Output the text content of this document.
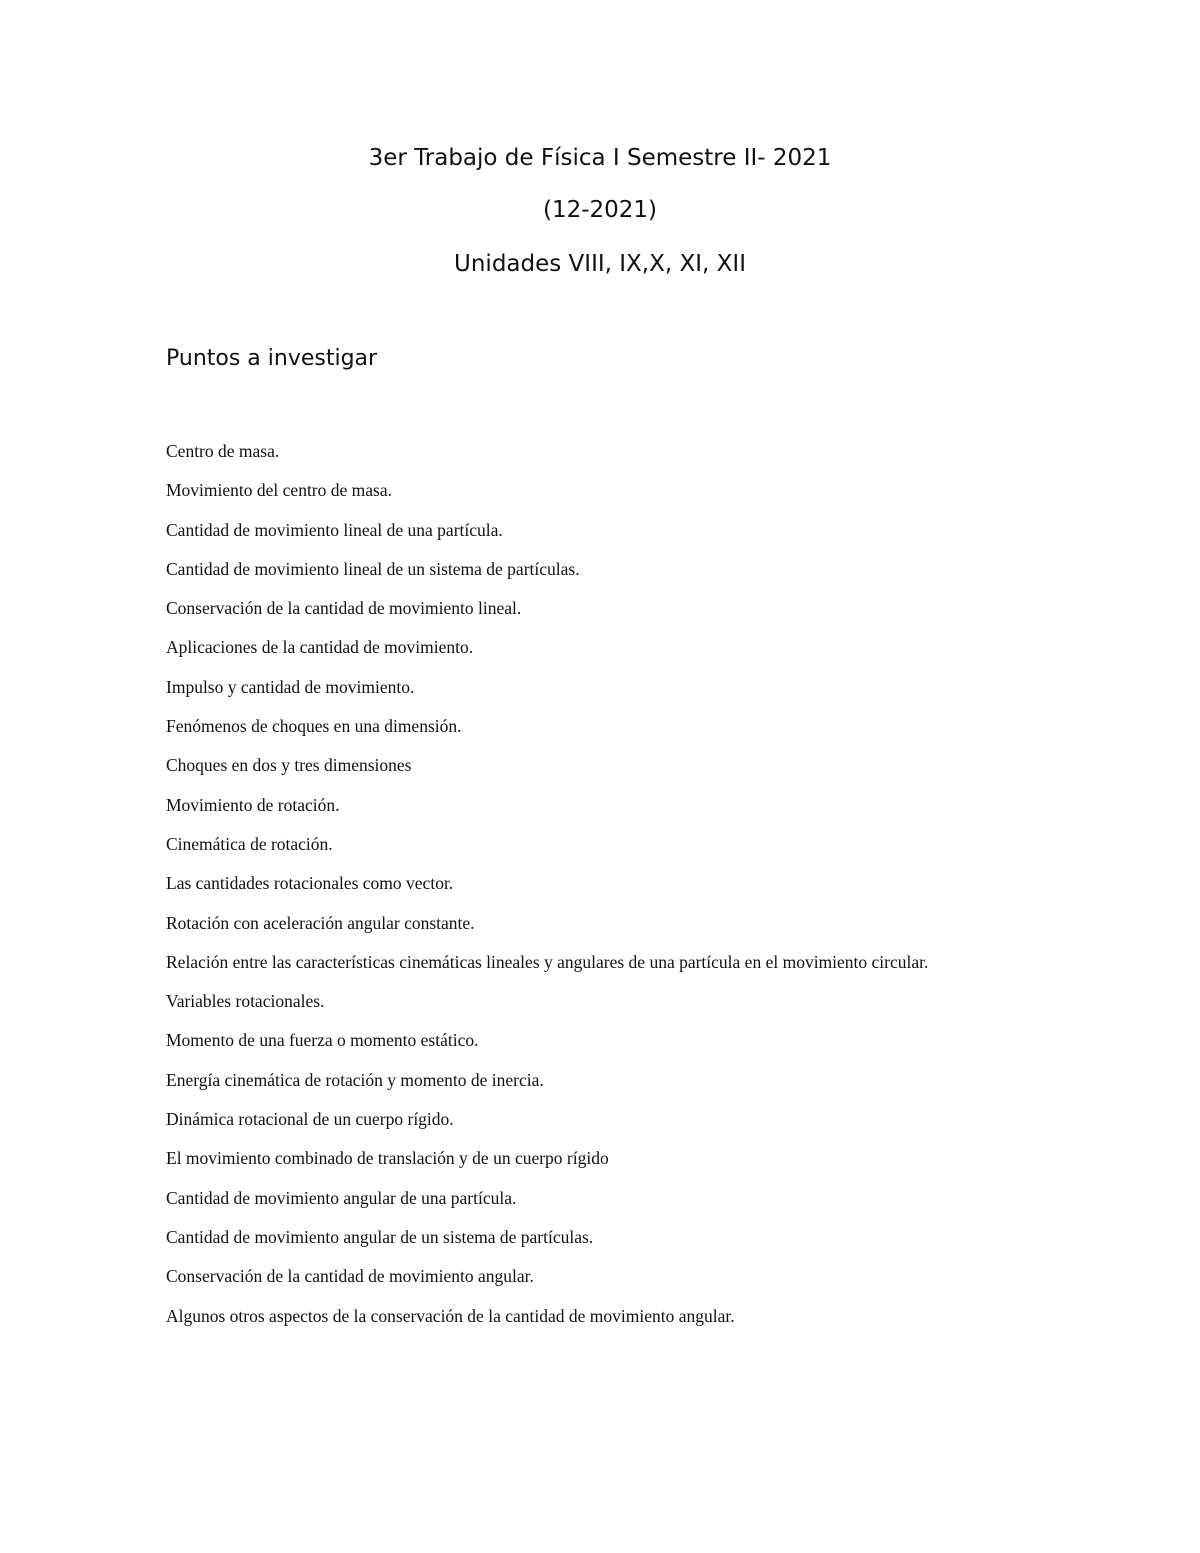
3er Trabajo de Física I Semestre II- 2021
(12-2021)
Unidades VIII, IX,X, XI, XII
Puntos a investigar
Centro de masa.
Movimiento del centro de masa.
Cantidad de movimiento lineal de una partícula.
Cantidad de movimiento lineal de un sistema de partículas.
Conservación de la cantidad de movimiento lineal.
Aplicaciones de la cantidad de movimiento.
Impulso y cantidad de movimiento.
Fenómenos de choques en una dimensión.
Choques en dos y tres dimensiones
Movimiento de rotación.
Cinemática de rotación.
Las cantidades rotacionales como vector.
Rotación con aceleración angular constante.
Relación entre las características cinemáticas lineales y angulares de una partícula en el movimiento circular.
Variables rotacionales.
Momento de una fuerza o momento estático.
Energía cinemática de rotación y momento de inercia.
Dinámica rotacional de un cuerpo rígido.
El movimiento combinado de translación y de un cuerpo rígido
Cantidad de movimiento angular de una partícula.
Cantidad de movimiento angular de un sistema de partículas.
Conservación de la cantidad de movimiento angular.
Algunos otros aspectos de la conservación de la cantidad de movimiento angular.
